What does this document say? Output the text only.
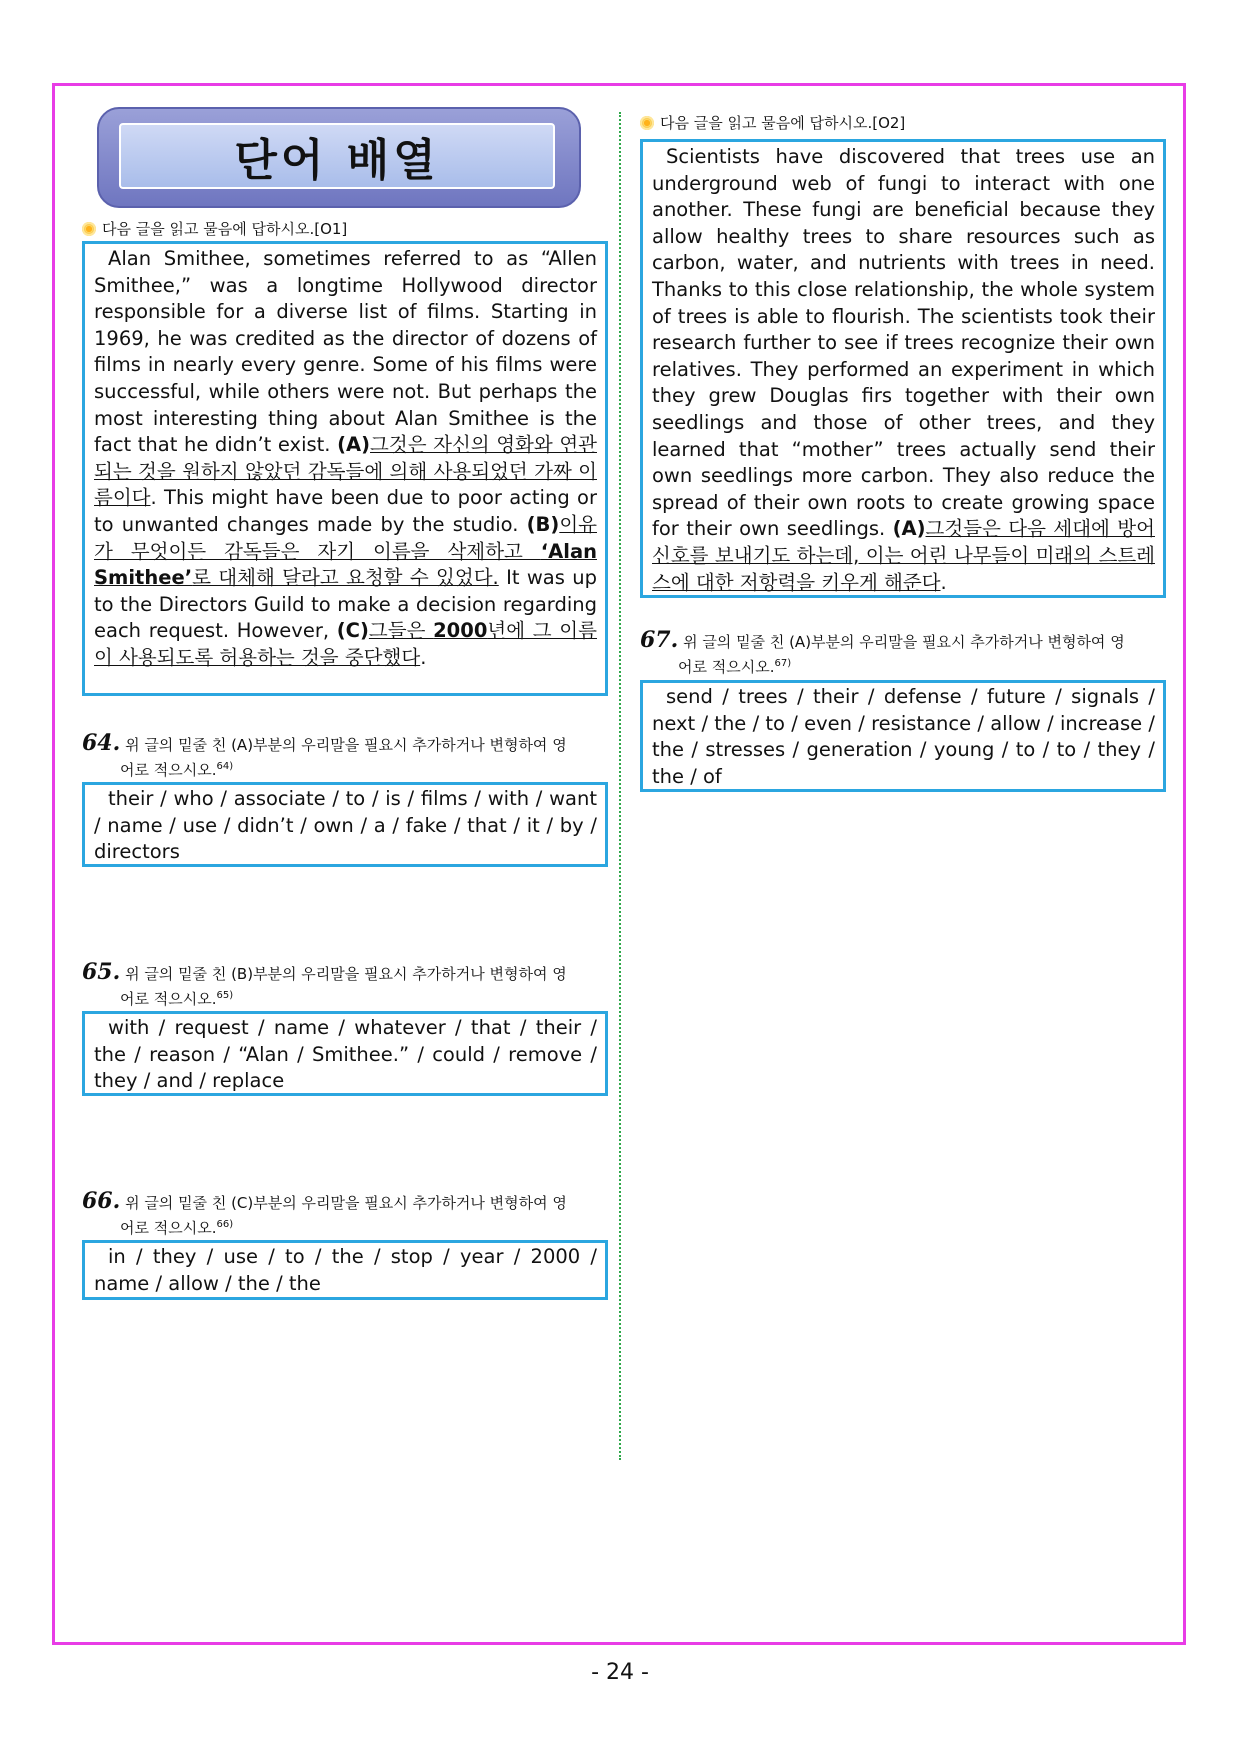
단어 배열
다음 글을 읽고 물음에 답하시오.[O1]

Alan Smithee, sometimes referred to as “Allen Smithee,” was a longtime Hollywood director responsible for a diverse list of films. Starting in 1969, he was credited as the director of dozens of films in nearly every genre. Some of his films were successful, while others were not. But perhaps the most interesting thing about Alan Smithee is the fact that he didn’t exist. (A)그것은 자신의 영화와 연관되는 것을 원하지 않았던 감독들에 의해 사용되었던 가짜 이름이다. This might have been due to poor acting or to unwanted changes made by the studio. (B)이유가 무엇이든 감독들은 자기 이름을 삭제하고 ‘Alan Smithee’로 대체해 달라고 요청할 수 있었다. It was up to the Directors Guild to make a decision regarding each request. However, (C)그들은 2000년에 그 이름이 사용되도록 허용하는 것을 중단했다.

64. 위 글의 밑줄 친 (A)부분의 우리말을 필요시 추가하거나 변형하여 영
어로 적으시오.$^{64)}$
their / who / associate / to / is / films / with / want / name / use / didn’t / own / a / fake / that / it / by / directors
65. 위 글의 밑줄 친 (B)부분의 우리말을 필요시 추가하거나 변형하여 영
어로 적으시오.$^{65)}$
with / request / name / whatever / that / their / the / reason / “Alan / Smithee.” / could / remove / they / and / replace
66. 위 글의 밑줄 친 (C)부분의 우리말을 필요시 추가하거나 변형하여 영
어로 적으시오.$^{66)}$
in / they / use / to / the / stop / year / 2000 / name / allow / the / the
다음 글을 읽고 물음에 답하시오.[O2]

Scientists have discovered that trees use an underground web of fungi to interact with one another. These fungi are beneficial because they allow healthy trees to share resources such as carbon, water, and nutrients with trees in need. Thanks to this close relationship, the whole system of trees is able to flourish. The scientists took their research further to see if trees recognize their own relatives. They performed an experiment in which they grew Douglas firs together with their own seedlings and those of other trees, and they learned that “mother” trees actually send their own seedlings more carbon. They also reduce the spread of their own roots to create growing space for their own seedlings. (A)그것들은 다음 세대에 방어 신호를 보내기도 하는데, 이는 어린 나무들이 미래의 스트레스에 대한 저항력을 키우게 해준다.

67. 위 글의 밑줄 친 (A)부분의 우리말을 필요시 추가하거나 변형하여 영
어로 적으시오.$^{67)}$
send / trees / their / defense / future / signals / next / the / to / even / resistance / allow / increase / the / stresses / generation / young / to / to / they / the / of
- 24 -
